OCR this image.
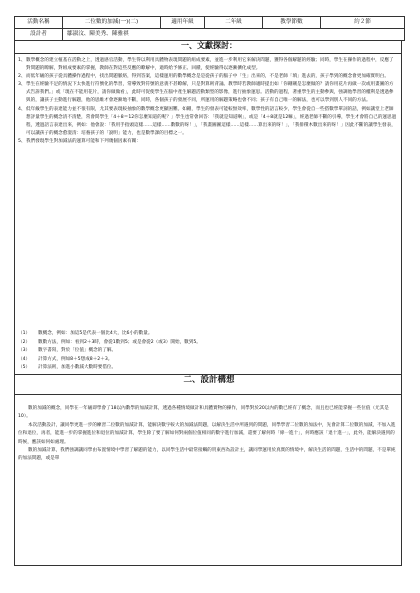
活動名稱	二位數的加減(一)(二)	適用年級	二年級	教學節數	約２節
設計者	鄒淑汶、陳美秀、陳雅祺				
一、文獻探討：
1、 數學概念的建立植基在活動之上，透過感官活動，學生得以利用具體物表現問題的組成要素，並進一步利用它來解決問題，獲得各個解題的經驗；同時，學生在操作的過程中，反應了對問題的瞭解，對組成要素的掌握，教師在對這些反應的瞭解中，適時給予修正、回饋，使經驗得以逐漸擴化成型。

2、 而低年級的孩子從具體操作過程中，找出問題脈絡，得到答案，這樣運用的數學概念是是從孩子的腦子中「生」出來的，不是老師「填」進去的，孩子學到的概念會更加確實明白。

3、 學生在經驗不足的情況下太快進行符號化的學習，常導致對符號的意義不甚瞭解，只是對算則背誦。教學時若教師適時提出如「你剛剛是怎麼做的？請你用花片再做一次或用畫圖的方式告訴我們。」或「現在不能用花片，請你做做看」，此時可促使學生在腦中產生解題活動類型的影像，進行抽象運思。活動的過程，著重學生的主動參與，強調他學習的權利是透過參與的，讓孩子主動進行解題，他的思維才會逐漸地不斷，同時，各個孩子的發展不同，所運用的解題策略也會不同；孩子有自己唯一的解法，也可以學到別人不同的方法。

4、 低年級學生的表達能力並不很有限，尤其要表現較抽象的數學概念更顯困難。如剛，學生的發表可能較無效率，數學性的語言較少，學生會從自一些搭數學單詞的話，例如讓堂上老師想評量學生的概念清不清楚，常會問學生「4＋8＝12你怎麼知道的呢？」學生也常會回答：「我就是知道啊」，或是「4＋8就是12嘛」，經過老師不斷的引導，學生才會將自己的運思過程，透過語言表達出來，例如：他會說：「我用手指頭這樣……這樣……數數的呀！」，「我畫圖圖這樣……這樣……算出來的呀！」，「我排積木數出來的呀！」因此不斷的讓學生發表，可以讓孩子的概念愈澄清：培養孩子的「說明」能力，也是數學課的目標之一。

5、 我們發現學生對加減法的運算可能和下列幾個因素有關：

（1） 數概念，例如：加這5是代表一個比4大，比6小的數量。
（2） 數數方法，例如：看到2＋3時，會從1數到5；或是會從2（或3）開始，數到5。
（3） 數字書寫，對於「位值」概念的了解。
（4） 計算方式，例如8＋5想成8＋2＋3。
（5） 計算法則，加進小數減大數時要借位。
二、設計構想

數的加減的概念，同學在一年級即學會了18以內數學的加減計算，透過各種情境做計和具體實物的操作，同學對於20以內的數已經有了概念，而且也已經能掌握一些位值（尤其是10）。

本次活動設計，讓同學更進一步的練習二位數的加減計算，能解決數字較大的加減法問題，以解決生活中所遇到的問題，同學學習二位數的加法中，先會計算二位數的加減，不加入進位和退位，再者，能進一步的掌握進位和退位的加減計算，學生除了要了解如何對兩個位值相同的數字進行加減，還要了解何時「條一進十」，何時應該「退十進一」，此外，能解決遇到的時候，應該如何如處理。

數的加減計算，我們強調讓同學由布置情境中學習了解題的能力，以同學生活中最常接觸的買東西為設計主，讓同學運用於真實的情境中，解決生活的問題，生活中的問題，不是單純的加法問題，或是單
